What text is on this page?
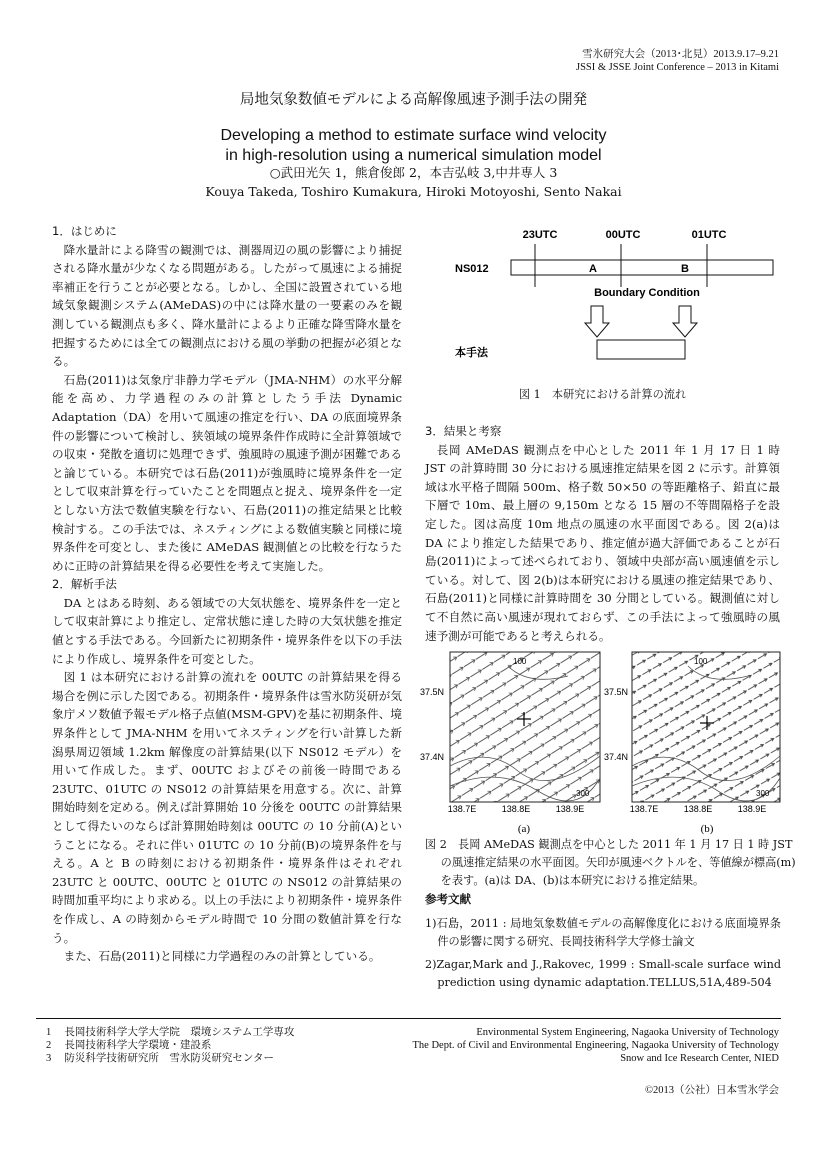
雪氷研究大会（2013･北見）2013.9.17–9.21
JSSI & JSSE Joint Conference – 2013 in Kitami
局地気象数値モデルによる高解像風速予測手法の開発
Developing a method to estimate surface wind velocity
in high-resolution using a numerical simulation model
○武田光矢 1，熊倉俊郎 2，本吉弘岐 3,中井専人 3
Kouya Takeda, Toshiro Kumakura, Hiroki Motoyoshi, Sento Nakai
1．はじめに

降水量計による降雪の観測では、測器周辺の風の影響により捕捉される降水量が少なくなる問題がある。したがって風速による捕捉率補正を行うことが必要となる。しかし、全国に設置されている地域気象観測システム(AMeDAS)の中には降水量の一要素のみを観測している観測点も多く、降水量計によるより正確な降雪降水量を把握するためには全ての観測点における風の挙動の把握が必須となる。

石島(2011)は気象庁非静力学モデル（JMA-NHM）の水平分解能を高め、力学過程のみの計算としたう手法 Dynamic Adaptation（DA）を用いて風速の推定を行い、DA の底面境界条件の影響について検討し、狭領域の境界条件作成時に全計算領域での収束・発散を適切に処理できず、強風時の風速予測が困難であると論じている。本研究では石島(2011)が強風時に境界条件を一定として収束計算を行っていたことを問題点と捉え、境界条件を一定としない方法で数値実験を行ない、石島(2011)の推定結果と比較検討する。この手法では、ネスティングによる数値実験と同様に境界条件を可変とし、また後に AMeDAS 観測値との比較を行なうために正時の計算結果を得る必要性を考えて実施した。

2．解析手法

DA とはある時刻、ある領域での大気状態を、境界条件を一定として収束計算により推定し、定常状態に達した時の大気状態を推定値とする手法である。今回新たに初期条件・境界条件を以下の手法により作成し、境界条件を可変とした。

図 1 は本研究における計算の流れを 00UTC の計算結果を得る場合を例に示した図である。初期条件・境界条件は雪氷防災研が気象庁メソ数値予報モデル格子点値(MSM-GPV)を基に初期条件、境界条件として JMA-NHM を用いてネスティングを行い計算した新潟県周辺領域 1.2km 解像度の計算結果(以下 NS012 モデル）を用いて作成した。まず、00UTC およびその前後一時間である 23UTC、01UTC の NS012 の計算結果を用意する。次に、計算開始時刻を定める。例えば計算開始 10 分後を 00UTC の計算結果として得たいのならば計算開始時刻は 00UTC の 10 分前(A)ということになる。それに伴い 01UTC の 10 分前(B)の境界条件を与える。A と B の時刻における初期条件・境界条件はそれぞれ 23UTC と 00UTC、00UTC と 01UTC の NS012 の計算結果の時間加重平均により求める。以上の手法により初期条件・境界条件を作成し、A の時刻からモデル時間で 10 分間の数値計算を行なう。

また、石島(2011)と同様に力学過程のみの計算としている。

23UTC	00UTC	01UTC
NS012	A	B
Boundary Condition
本手法
図 1　本研究における計算の流れ
3．結果と考察

長岡 AMeDAS 観測点を中心とした 2011 年 1 月 17 日 1 時 JST の計算時間 30 分における風速推定結果を図 2 に示す。計算領域は水平格子間隔 500m、格子数 50×50 の等距離格子、鉛直に最下層で 10m、最上層の 9,150m となる 15 層の不等間隔格子を設定した。図は高度 10m 地点の風速の水平面図である。図 2(a)は DA により推定した結果であり、推定値が過大評価であることが石島(2011)によって述べられており、領域中央部が高い風速値を示している。対して、図 2(b)は本研究における風速の推定結果であり、石島(2011)と同様に計算時間を 30 分間としている。観測値に対して不自然に高い風速が現れておらず、この手法によって強風時の風速予測が可能であると考えられる。

100
300
37.5N
37.4N
138.7E	138.8E	138.9E
(a)
100
300
37.5N
37.4N
138.7E	138.8E	138.9E
(b)
図 2　長岡 AMeDAS 観測点を中心とした 2011 年 1 月 17 日 1 時 JST の風速推定結果の水平面図。矢印が風速ベクトルを、等値線が標高(m)を表す。(a)は DA、(b)は本研究における推定結果。
参考文献
1)石島，2011 : 局地気象数値モデルの高解像度化における底面境界条件の影響に関する研究、長岡技術科学大学修士論文
2)Zagar,Mark and J.,Rakovec, 1999 : Small-scale surface wind prediction using dynamic adaptation.TELLUS,51A,489-504
1　 長岡技術科学大学大学院　環境システム工学専攻
2　 長岡技術科学大学環境・建設系
3　 防災科学技術研究所　雪氷防災研究センター
Environmental System Engineering, Nagaoka University of Technology
The Dept. of Civil and Environmental Engineering, Nagaoka University of Technology
Snow and Ice Research Center, NIED
©2013（公社）日本雪氷学会
